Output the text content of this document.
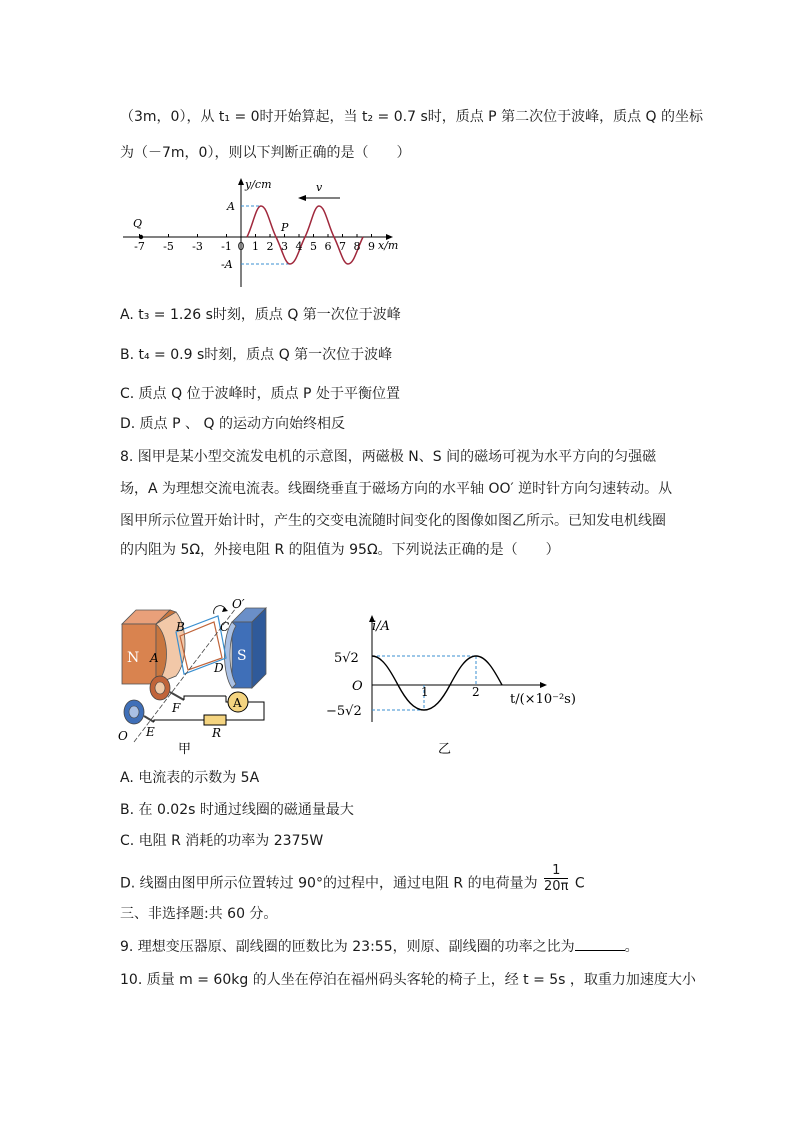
（3m，0），从 t₁ = 0时开始算起，当 t₂ = 0.7 s时，质点 P 第二次位于波峰，质点 Q 的坐标
为（－7m，0），则以下判断正确的是（　　）
y/cm
x/m
A
-A
v
Q	P
-7 -5 -3 -1 0 1 2 3 4 5 6 7 8 9
A. t₃ = 1.26 s时刻，质点 Q 第一次位于波峰
B. t₄ = 0.9 s时刻，质点 Q 第一次位于波峰
C. 质点 Q 位于波峰时，质点 P 处于平衡位置
D. 质点 P 、 Q 的运动方向始终相反
8. 图甲是某小型交流发电机的示意图，两磁极 N、S 间的磁场可视为水平方向的匀强磁
场，A 为理想交流电流表。线圈绕垂直于磁场方向的水平轴 OO′ 逆时针方向匀速转动。从
图甲所示位置开始计时，产生的交变电流随时间变化的图像如图乙所示。已知发电机线圈
的内阻为 5Ω，外接电阻 R 的阻值为 95Ω。下列说法正确的是（　　）
N	S
A
B	C
D
O′
A
F
E	R
O
甲
i/A
t/(×10⁻²s)
O
5√2
−5√2
1	2
乙
A. 电流表的示数为 5A
B. 在 0.02s 时通过线圈的磁通量最大
C. 电阻 R 消耗的功率为 2375W
D. 线圈由图甲所示位置转过 90°的过程中，通过电阻 R 的电荷量为 $\frac{1}{20\pi}$ C
三、非选择题:共 60 分。
9. 理想变压器原、副线圈的匝数比为 23:55，则原、副线圈的功率之比为	。
10. 质量 m = 60kg 的人坐在停泊在福州码头客轮的椅子上，经 t = 5s ，取重力加速度大小
